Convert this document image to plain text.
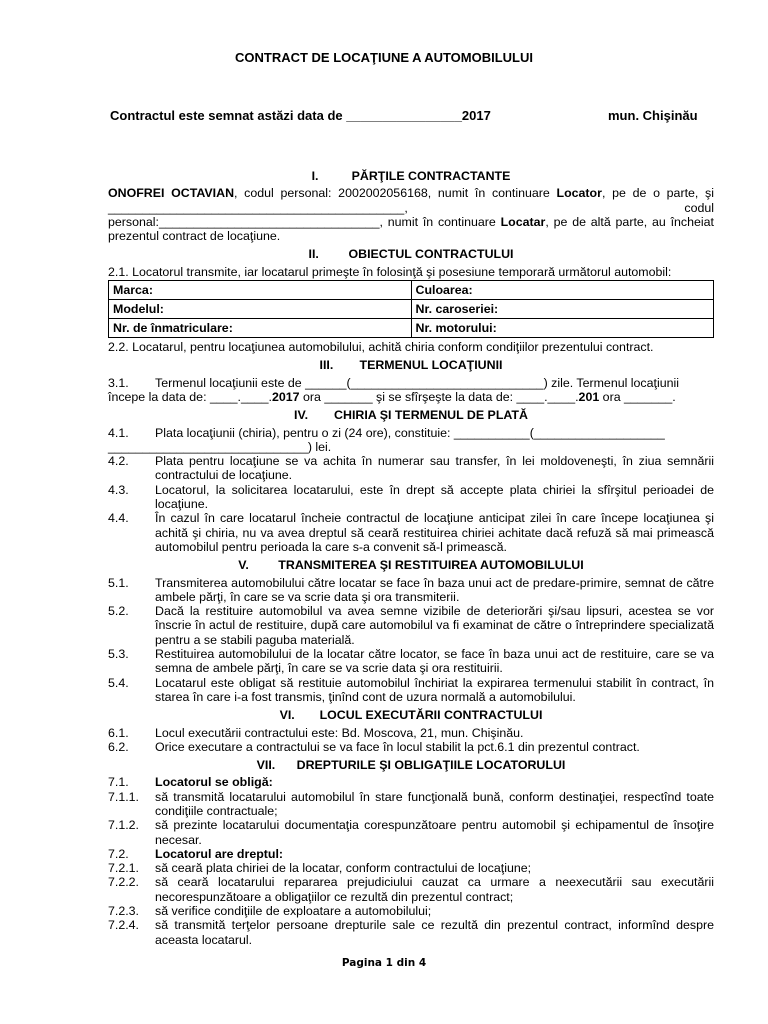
CONTRACT DE LOCAŢIUNE A AUTOMOBILULUI
Contractul este semnat astăzi data de ________________2017	mun. Chişinău
I.	PĂRŢILE CONTRACTANTE
ONOFREI OCTAVIAN, codul personal: 2002002056168, numit în continuare Locator, pe de o parte, şi ___________________________________________, codul personal:________________________________, numit în continuare Locatar, pe de altă parte, au încheiat prezentul contract de locaţiune.
II. OBIECTUL CONTRACTULUI
2.1. Locatorul transmite, iar locatarul primeşte în folosinţă şi posesiune temporară următorul automobil:
Marca:	Culoarea:
Modelul:	Nr. caroseriei:
Nr. de înmatriculare:	Nr. motorului:
2.2. Locatarul, pentru locaţiunea automobilului, achită chiria conform condiţiilor prezentului contract.
III. TERMENUL LOCAŢIUNII
3.1.	Termenul locaţiunii este de ______(____________________________) zile. Termenul locaţiunii
începe la data de: ____.____.2017 ora _______ şi se sfîrşeşte la data de: ____.____.201 ora _______.
IV. CHIRIA ŞI TERMENUL DE PLATĂ
4.1.	Plata locaţiunii (chiria), pentru o zi (24 ore), constituie: ___________(___________________
_____________________________) lei.
4.2.	Plata pentru locaţiune se va achita în numerar sau transfer, în lei moldoveneşti, în ziua semnării contractului de locaţiune.
4.3.	Locatorul, la solicitarea locatarului, este în drept să accepte plata chiriei la sfîrşitul perioadei de locaţiune.
4.4.	În cazul în care locatarul încheie contractul de locaţiune anticipat zilei în care începe locaţiunea şi achită şi chiria, nu va avea dreptul să ceară restituirea chiriei achitate dacă refuză să mai primească automobilul pentru perioada la care s-a convenit să-l primească.
V. TRANSMITEREA ŞI RESTITUIREA AUTOMOBILULUI
5.1.	Transmiterea automobilului către locatar se face în baza unui act de predare-primire, semnat de către ambele părţi, în care se va scrie data şi ora transmiterii.
5.2.	Dacă la restituire automobilul va avea semne vizibile de deteriorări şi/sau lipsuri, acestea se vor înscrie în actul de restituire, după care automobilul va fi examinat de către o întreprindere specializată pentru a se stabili paguba materială.
5.3.	Restituirea automobilului de la locatar către locator, se face în baza unui act de restituire, care se va semna de ambele părţi, în care se va scrie data şi ora restituirii.
5.4.	Locatarul este obligat să restituie automobilul închiriat la expirarea termenului stabilit în contract, în starea în care i-a fost transmis, ţinînd cont de uzura normală a automobilului.
VI. LOCUL EXECUTĂRII CONTRACTULUI
6.1.	Locul executării contractului este: Bd. Moscova, 21, mun. Chişinău.
6.2.	Orice executare a contractului se va face în locul stabilit la pct.6.1 din prezentul contract.
VII. DREPTURILE ŞI OBLIGAŢIILE LOCATORULUI
7.1.	Locatorul se obligă:
7.1.1.	să transmită locatarului automobilul în stare funcţională bună, conform destinaţiei, respectînd toate condiţiile contractuale;
7.1.2.	să prezinte locatarului documentaţia corespunzătoare pentru automobil şi echipamentul de însoţire necesar.
7.2.	Locatorul are dreptul:
7.2.1.	să ceară plata chiriei de la locatar, conform contractului de locaţiune;
7.2.2.	să ceară locatarului repararea prejudiciului cauzat ca urmare a neexecutării sau executării necorespunzătoare a obligaţiilor ce rezultă din prezentul contract;
7.2.3.	să verifice condiţiile de exploatare a automobilului;
7.2.4.	să transmită terţelor persoane drepturile sale ce rezultă din prezentul contract, informînd despre aceasta locatarul.
Pagina 1 din 4
